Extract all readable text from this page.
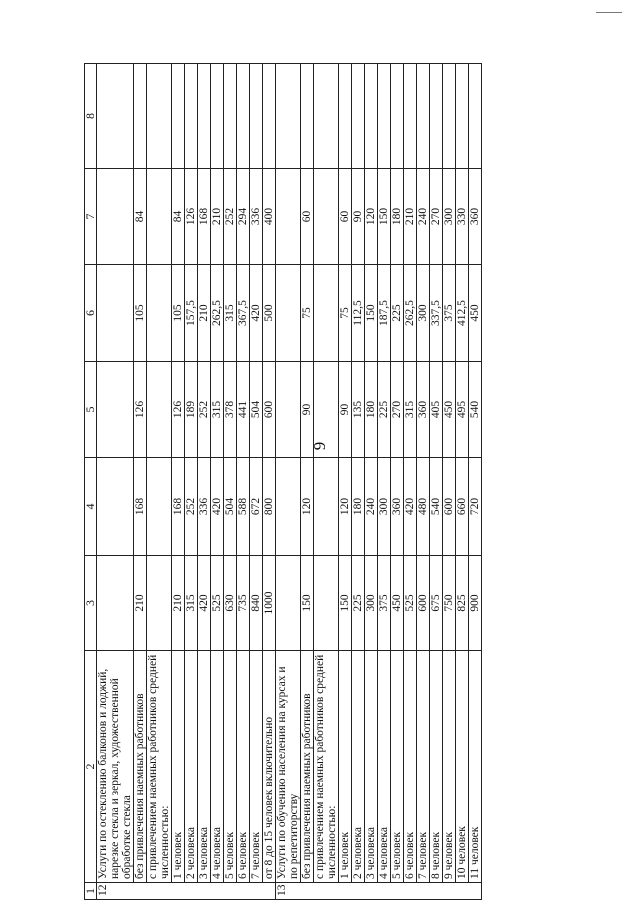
9
1	2	3	4	5	6	7	8
12	Услуги по остеклению балконов и лоджий, нарезке стекла и зеркал, художественной обработке стекла						
	без привлечения наемных работников	210	168	126	105	84	
	с привлечением наемных работников средней численностью:						
	1 человек	210	168	126	105	84	
	2 человека	315	252	189	157,5	126	
	3 человека	420	336	252	210	168	
	4 человека	525	420	315	262,5	210	
	5 человек	630	504	378	315	252	
	6 человек	735	588	441	367,5	294	
	7 человек	840	672	504	420	336	
	от 8 до 15 человек включительно	1000	800	600	500	400	
13	Услуги по обучению населения на курсах и по репетиторству						
	без привлечения наемных работников	150	120	90	75	60	
	с привлечением наемных работников средней численностью:						
	1 человек	150	120	90	75	60	
	2 человека	225	180	135	112,5	90	
	3 человека	300	240	180	150	120	
	4 человека	375	300	225	187,5	150	
	5 человек	450	360	270	225	180	
	6 человек	525	420	315	262,5	210	
	7 человек	600	480	360	300	240	
	8 человек	675	540	405	337,5	270	
	9 человек	750	600	450	375	300	
	10 человек	825	660	495	412,5	330	
	11 человек	900	720	540	450	360	
